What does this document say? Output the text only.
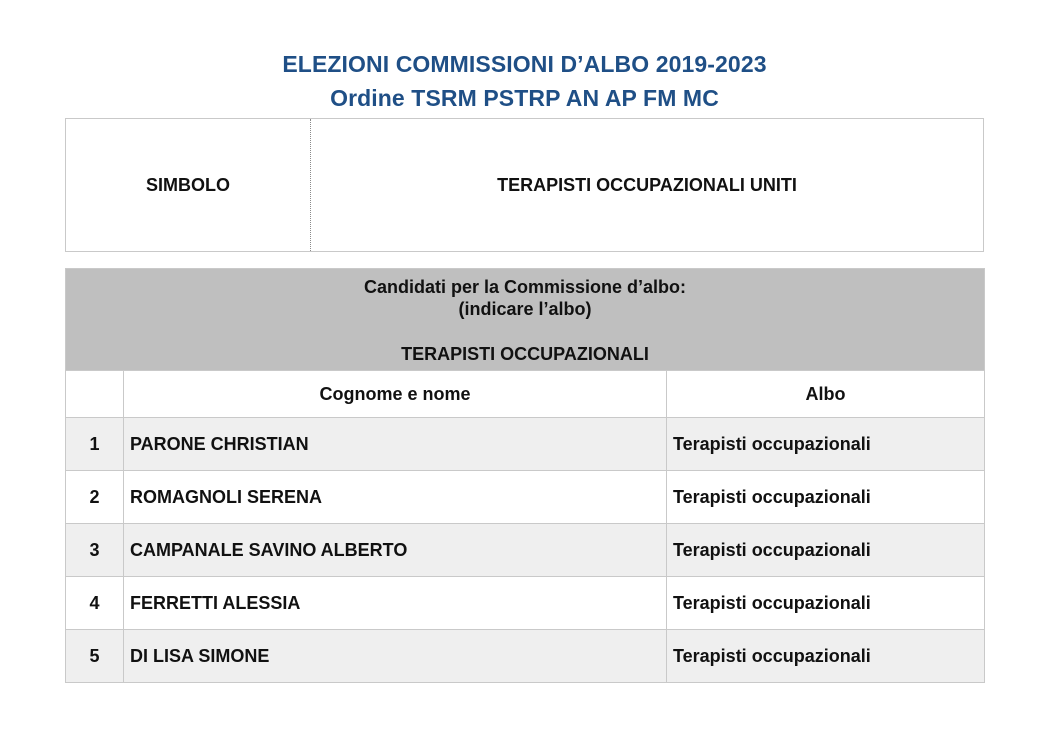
ELEZIONI COMMISSIONI D’ALBO 2019-2023
Ordine TSRM PSTRP AN AP FM MC
SIMBOLO	TERAPISTI OCCUPAZIONALI UNITI
Candidati per la Commissione d’albo:
(indicare l’albo)
TERAPISTI OCCUPAZIONALI
Cognome e nome	Albo
1	PARONE CHRISTIAN	Terapisti occupazionali
2	ROMAGNOLI SERENA	Terapisti occupazionali
3	CAMPANALE SAVINO ALBERTO	Terapisti occupazionali
4	FERRETTI ALESSIA	Terapisti occupazionali
5	DI LISA SIMONE	Terapisti occupazionali
